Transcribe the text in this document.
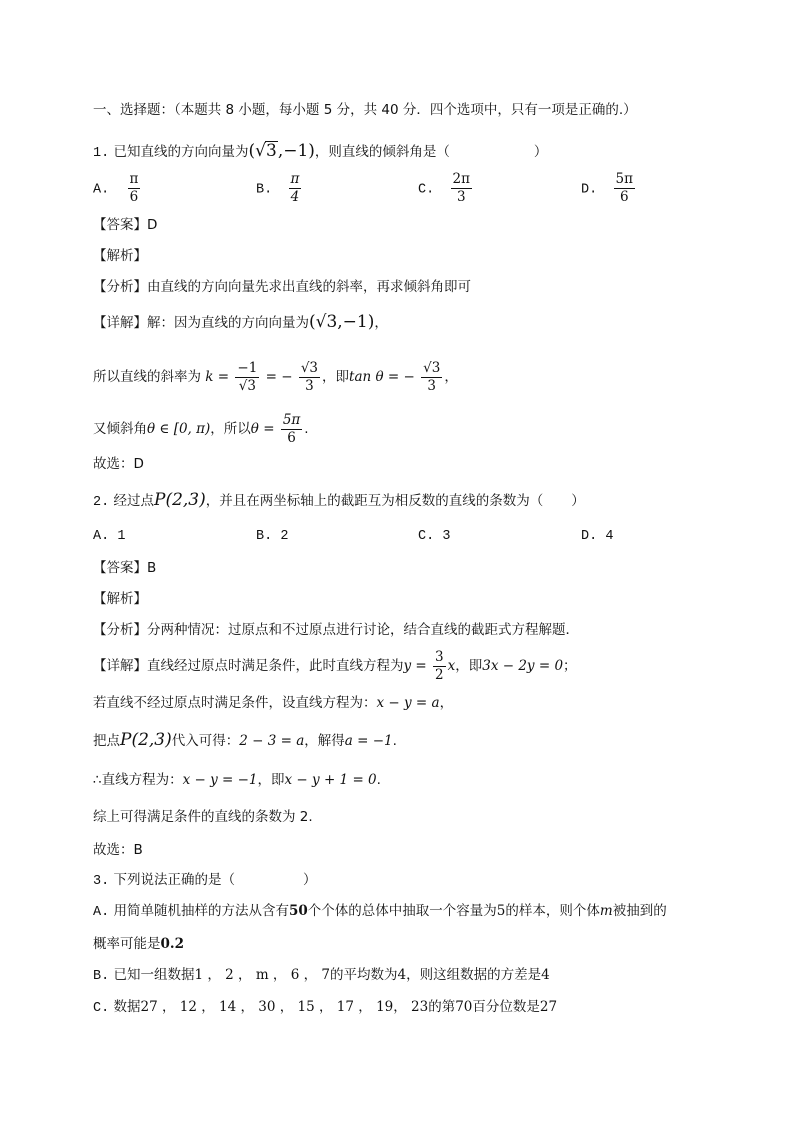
一、选择题：（本题共 8 小题，每小题 5 分，共 40 分．四个选项中，只有一项是正确的.）
1. 已知直线的方向向量为(√3,−1)，则直线的倾斜角是（	）
A. $\frac{\pi}{6}$	B. $\frac{\pi}{4}$	C. $\frac{2\pi}{3}$	D. $\frac{5\pi}{6}$
【答案】D
【解析】
【分析】由直线的方向向量先求出直线的斜率，再求倾斜角即可
【详解】解：因为直线的方向向量为(√3,−1)，
所以直线的斜率为 $k = \frac{-1}{√3}$ = − $\frac{√3}{3}$ ，即tan θ = − $\frac{√3}{3}$ ，
又倾斜角θ ∈ [0, π)，所以$\theta = \frac{5\pi}{6}$ .
故选：D
2. 经过点P(2,3)，并且在两坐标轴上的截距互为相反数的直线的条数为（ ）
A. 1	B. 2	C. 3	D. 4
【答案】B
【解析】
【分析】分两种情况：过原点和不过原点进行讨论，结合直线的截距式方程解题．
【详解】直线经过原点时满足条件，此时直线方程为$y = \frac{3}{2}$ x，即3x − 2y = 0；
若直线不经过原点时满足条件，设直线方程为：x − y = a，
把点P(2,3)代入可得：2 − 3 = a，解得a = −1.
∴直线方程为：x − y = −1，即x − y + 1 = 0.
综上可得满足条件的直线的条数为 2.
故选：B
3. 下列说法正确的是（	）
A. 用简单随机抽样的方法从含有50个个体的总体中抽取一个容量为5的样本，则个体m被抽到的
概率可能是0.2
B. 已知一组数据1 ， 2 ， m ， 6 ， 7的平均数为4，则这组数据的方差是4
C. 数据27 ， 12 ， 14 ， 30 ， 15 ， 17 ， 19， 23的第70百分位数是27
